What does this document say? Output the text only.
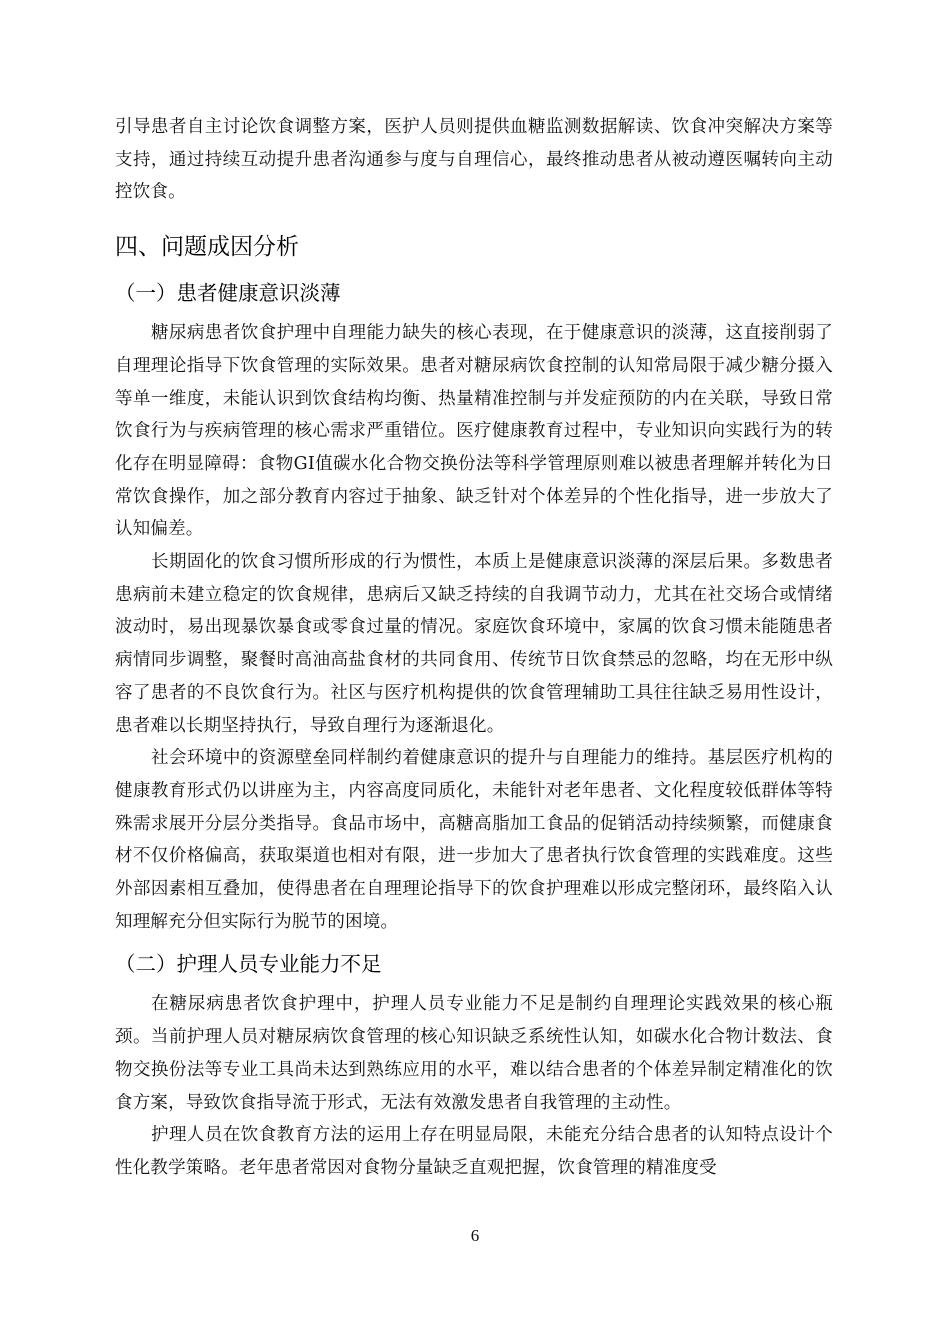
引导患者自主讨论饮食调整方案，医护人员则提供血糖监测数据解读、饮食冲突解决方案等支持，通过持续互动提升患者沟通参与度与自理信心，最终推动患者从被动遵医嘱转向主动控饮食。

四、问题成因分析
（一）患者健康意识淡薄

糖尿病患者饮食护理中自理能力缺失的核心表现，在于健康意识的淡薄，这直接削弱了自理理论指导下饮食管理的实际效果。患者对糖尿病饮食控制的认知常局限于减少糖分摄入等单一维度，未能认识到饮食结构均衡、热量精准控制与并发症预防的内在关联，导致日常饮食行为与疾病管理的核心需求严重错位。医疗健康教育过程中，专业知识向实践行为的转化存在明显障碍：食物GI值碳水化合物交换份法等科学管理原则难以被患者理解并转化为日常饮食操作，加之部分教育内容过于抽象、缺乏针对个体差异的个性化指导，进一步放大了认知偏差。

长期固化的饮食习惯所形成的行为惯性，本质上是健康意识淡薄的深层后果。多数患者患病前未建立稳定的饮食规律，患病后又缺乏持续的自我调节动力，尤其在社交场合或情绪波动时，易出现暴饮暴食或零食过量的情况。家庭饮食环境中，家属的饮食习惯未能随患者病情同步调整，聚餐时高油高盐食材的共同食用、传统节日饮食禁忌的忽略，均在无形中纵容了患者的不良饮食行为。社区与医疗机构提供的饮食管理辅助工具往往缺乏易用性设计，患者难以长期坚持执行，导致自理行为逐渐退化。

社会环境中的资源壁垒同样制约着健康意识的提升与自理能力的维持。基层医疗机构的健康教育形式仍以讲座为主，内容高度同质化，未能针对老年患者、文化程度较低群体等特殊需求展开分层分类指导。食品市场中，高糖高脂加工食品的促销活动持续频繁，而健康食材不仅价格偏高，获取渠道也相对有限，进一步加大了患者执行饮食管理的实践难度。这些外部因素相互叠加，使得患者在自理理论指导下的饮食护理难以形成完整闭环，最终陷入认知理解充分但实际行为脱节的困境。

（二）护理人员专业能力不足

在糖尿病患者饮食护理中，护理人员专业能力不足是制约自理理论实践效果的核心瓶颈。当前护理人员对糖尿病饮食管理的核心知识缺乏系统性认知，如碳水化合物计数法、食物交换份法等专业工具尚未达到熟练应用的水平，难以结合患者的个体差异制定精准化的饮食方案，导致饮食指导流于形式，无法有效激发患者自我管理的主动性。

护理人员在饮食教育方法的运用上存在明显局限，未能充分结合患者的认知特点设计个性化教学策略。老年患者常因对食物分量缺乏直观把握，饮食管理的精准度受

6
